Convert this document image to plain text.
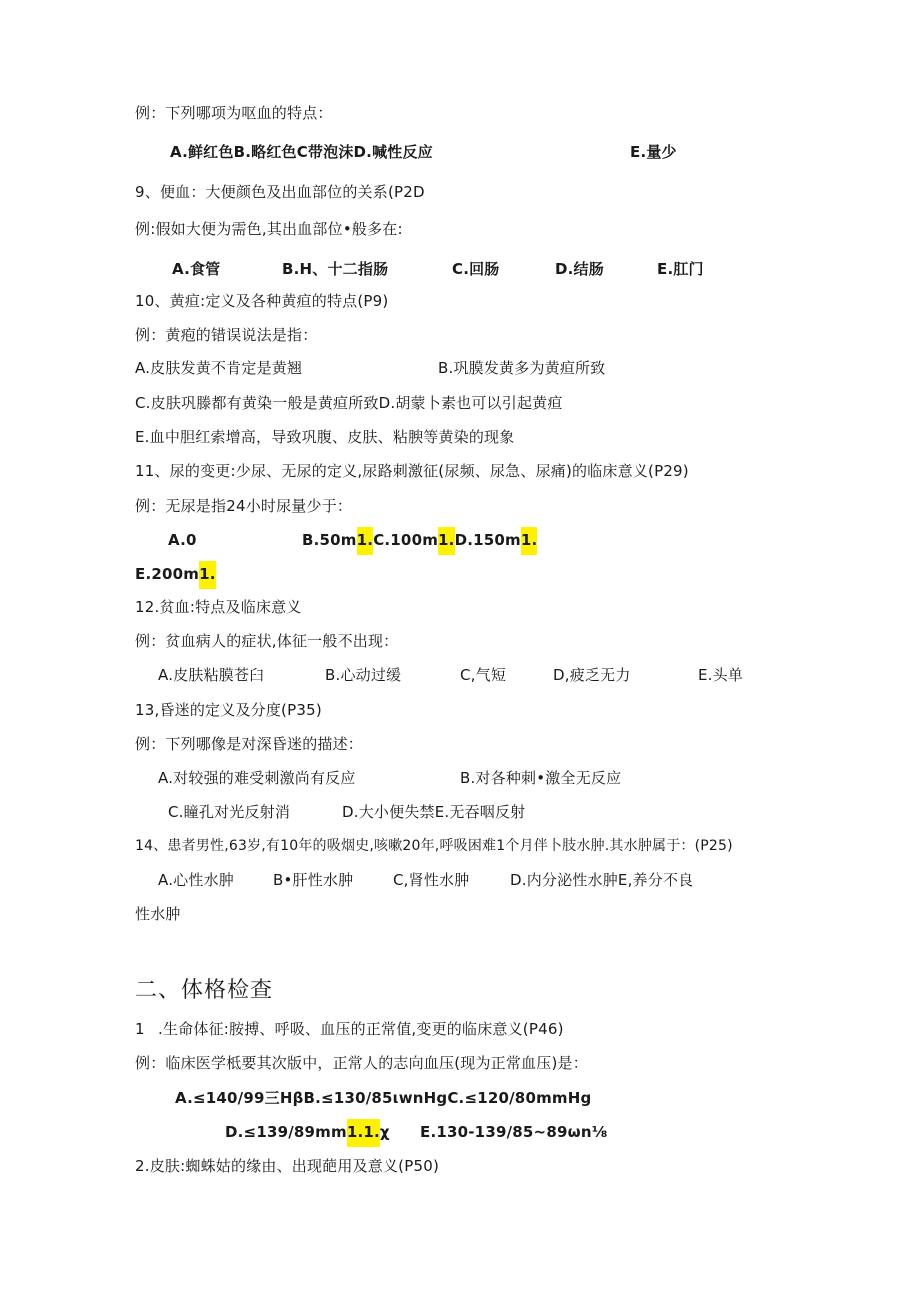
例：下列哪项为呕血的特点：
A.鲜红色B.略红色C带泡沫D.喊性反应	E.量少
9、便血：大便颜色及出血部位的关系(P2D
例:假如大便为需色,其出血部位•般多在:
A.食管	B.H、十二指肠	C.回肠	D.结肠	E.肛门
10、黄疸:定义及各种黄疸的特点(P9)
例：黄疱的错误说法是指：
A.皮肤发黄不肯定是黄翘	B.巩膜发黄多为黄疸所致
C.皮肤巩滕都有黄染一般是黄疸所致D.胡蒙卜素也可以引起黄疸
E.血中胆红索增高，导致巩腹、皮肤、粘腴等黄染的现象
11、尿的变更:少尿、无尿的定义,尿路刺激征(尿频、尿急、尿痛)的临床意义(P29)
例：无尿是指24小时尿量少于：
A.0	B.50m1.C.100m1.D.150m1.
E.200m1.
12.贫血:特点及临床意义
例：贫血病人的症状,体征一般不出现：
A.皮肤粘膜苍臼	B.心动过缓	C,气短	D,疲乏无力	E.头单
13,昏迷的定义及分度(P35)
例：下列哪像是对深昏迷的描述：
A.对较强的难受刺激尚有反应	B.对各种刺•激全无反应
C.瞳孔对光反射消	D.大小便失禁E.无吞咽反射
14、患者男性,63岁,有10年的吸烟史,咳嗽20年,呼吸困难1个月伴卜肢水肿.其水肿属于：(P25)
A.心性水肿	B•肝性水肿	C,肾性水肿	D.内分泌性水肿E,养分不良
性水肿
二、体格检查
1 .生命体征:胺搏、呼吸、血压的正常值,变更的临床意义(P46)
例：临床医学柢要其次版中，正常人的志向血压(现为正常血压)是：
A.≤140/99三HβB.≤130/85ιwnHgC.≤120/80mmHg
D.≤139/89mm1.1.χ E.130-139/85~89ωn⅛
2.皮肤:蜘蛛姑的缘由、出现葩用及意义(P50)
